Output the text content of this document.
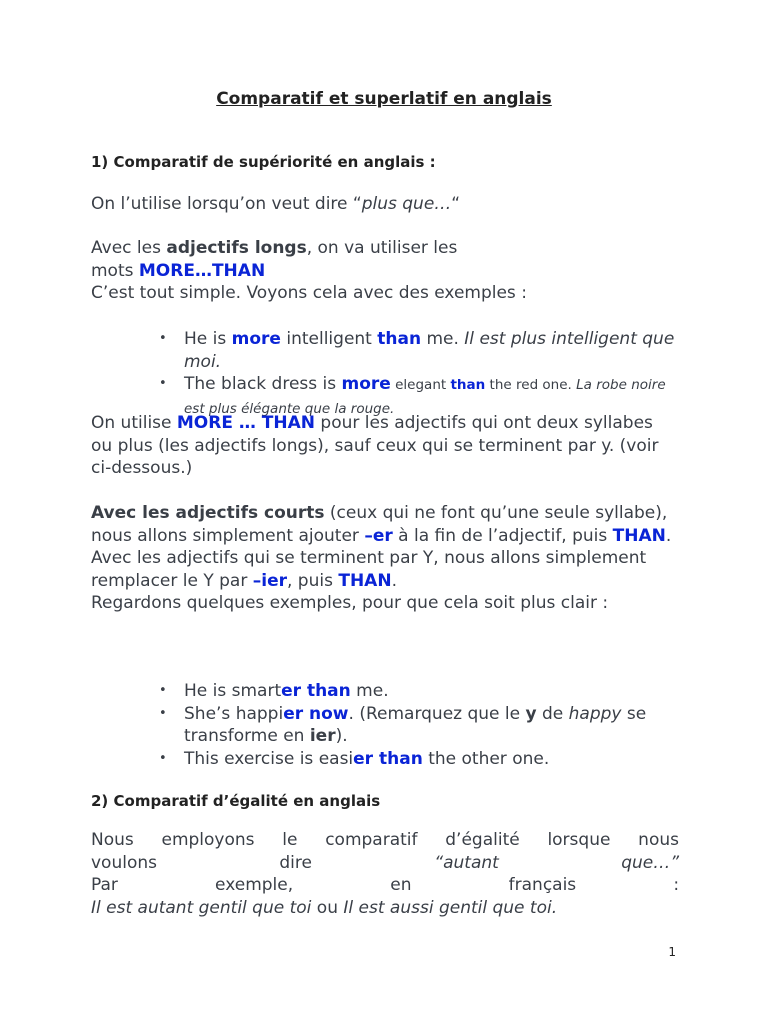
Comparatif et superlatif en anglais
1) Comparatif de supériorité en anglais :
On l’utilise lorsqu’on veut dire “plus que…“

Avec les adjectifs longs, on va utiliser les

mots MORE…THAN

C’est tout simple. Voyons cela avec des exemples :

• He is more intelligent than me. Il est plus intelligent que moi.
• The black dress is more elegant than the red one. La robe noire est plus élégante que la rouge.
On utilise MORE … THAN pour les adjectifs qui ont deux syllabes ou plus (les adjectifs longs), sauf ceux qui se terminent par y. (voir ci-dessous.)

Avec les adjectifs courts (ceux qui ne font qu’une seule syllabe), nous allons simplement ajouter –er à la fin de l’adjectif, puis THAN. Avec les adjectifs qui se terminent par Y, nous allons simplement remplacer le Y par –ier, puis THAN.

Regardons quelques exemples, pour que cela soit plus clair :

• He is smarter than me.
• She’s happier now. (Remarquez que le y de happy se transforme en ier).
• This exercise is easier than the other one.
2) Comparatif d’égalité en anglais

Nous employons le comparatif d’égalité lorsque nous

voulons dire	“autant	que…”

Par	exemple,	en	français	:

Il est autant gentil que toi ou Il est aussi gentil que toi.

1
